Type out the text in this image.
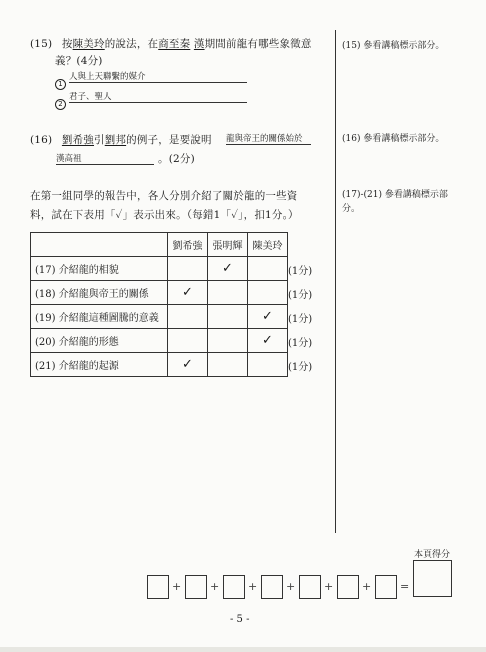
(15) 按陳美玲的說法，在商至秦 漢期間前龍有哪些象徵意
義？(4分)
1
人與上天聯繫的媒介
2
君子、聖人
(15) 參看講稿標示部分。
(16) 劉希強引劉邦的例子，是要說明 龍與帝王的關係始於
漢高祖	。(2分)
(16) 參看講稿標示部分。
在第一組同學的報告中，各人分別介紹了關於龍的一些資
料，試在下表用「✓」表示出來。（每錯1「✓」，扣1分。）
(17)-(21) 參看講稿標示部
分。
	劉希強	張明輝	陳美玲
(17) 介紹龍的相貌		✓	
(18) 介紹龍與帝王的關係	✓		
(19) 介紹龍這種圖騰的意義			✓
(20) 介紹龍的形態			✓
(21) 介紹龍的起源	✓		
(1分)
(1分)
(1分)
(1分)
(1分)
本頁得分
+	+	+	+	+	+	=
- 5 -
